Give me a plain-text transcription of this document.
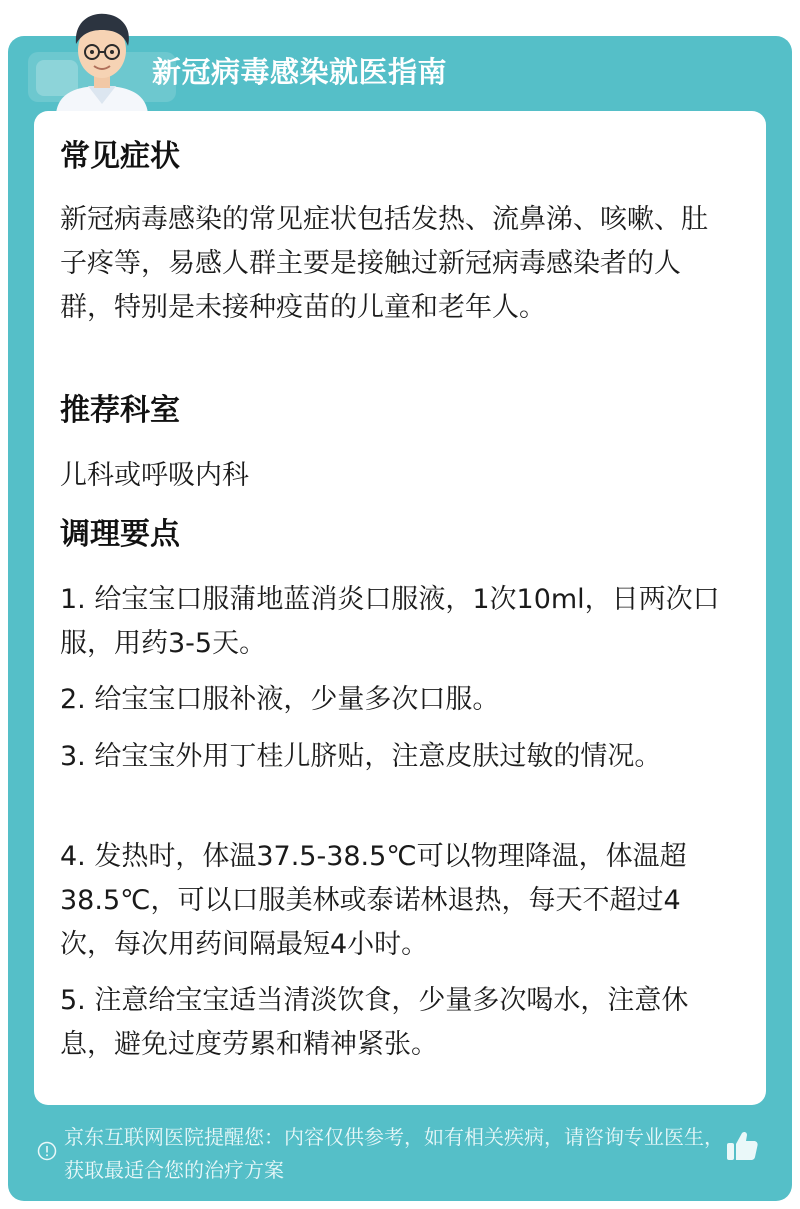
新冠病毒感染就医指南
常见症状

新冠病毒感染的常见症状包括发热、流鼻涕、咳嗽、肚子疼等，易感人群主要是接触过新冠病毒感染者的人群，特别是未接种疫苗的儿童和老年人。

推荐科室

儿科或呼吸内科

调理要点

1. 给宝宝口服蒲地蓝消炎口服液，1次10ml，日两次口服，用药3-5天。

2. 给宝宝口服补液，少量多次口服。

3. 给宝宝外用丁桂儿脐贴，注意皮肤过敏的情况。

4. 发热时，体温37.5-38.5℃可以物理降温，体温超38.5℃，可以口服美林或泰诺林退热，每天不超过4次，每次用药间隔最短4小时。

5. 注意给宝宝适当清淡饮食，少量多次喝水，注意休息，避免过度劳累和精神紧张。

京东互联网医院提醒您：内容仅供参考，如有相关疾病，请咨询专业医生，获取最适合您的治疗方案
